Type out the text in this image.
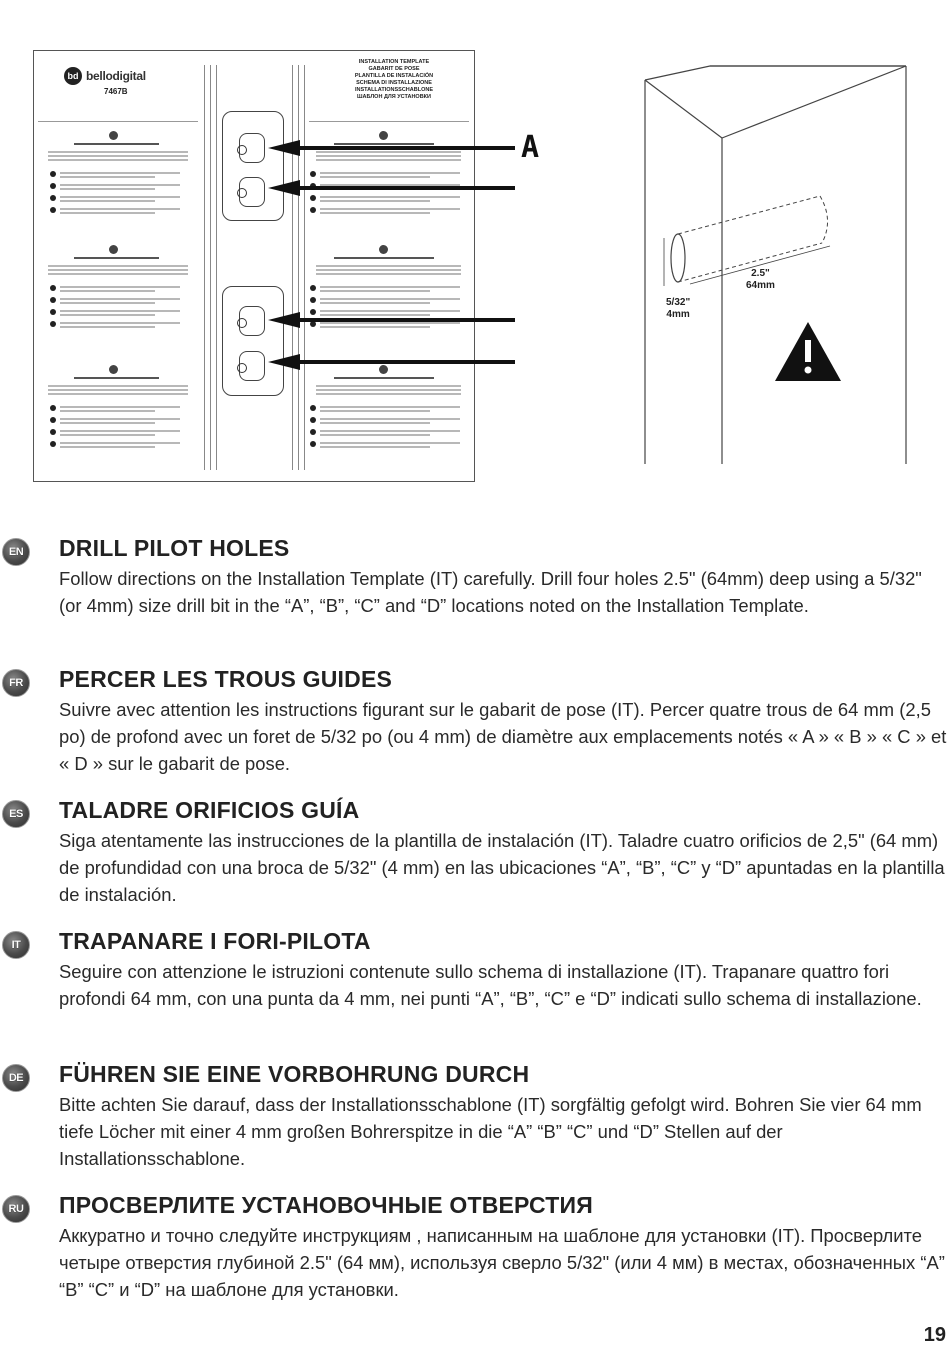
bd bellodigital
7467B
INSTALLATION TEMPLATE
GABARIT DE POSE
PLANTILLA DE INSTALACIÓN
SCHEMA DI INSTALLAZIONE
INSTALLATIONSSCHABLONE
ШАБЛОН ДЛЯ УСТАНОВКИ
A
2.5"
64mm
5/32"
4mm
EN DRILL PILOT HOLES

Follow directions on the Installation Template (IT) carefully. Drill four holes 2.5" (64mm) deep using a 5/32" (or 4mm) size drill bit in the “A”, “B”, “C” and “D” locations noted on the Installation Template.

FR PERCER LES TROUS GUIDES

Suivre avec attention les instructions figurant sur le gabarit de pose (IT). Percer quatre trous de 64 mm (2,5 po) de profond avec un foret de 5/32 po (ou 4 mm) de diamètre aux emplacements notés « A » « B » « C » et « D » sur le gabarit de pose.

ES TALADRE ORIFICIOS GUÍA

Siga atentamente las instrucciones de la plantilla de instalación (IT). Taladre cuatro orificios de 2,5" (64 mm) de profundidad con una broca de 5/32" (4 mm) en las ubicaciones “A”, “B”, “C” y “D” apuntadas en la plantilla de instalación.

IT TRAPANARE I FORI-PILOTA

Seguire con attenzione le istruzioni contenute sullo schema di installazione (IT). Trapanare quattro fori profondi 64 mm, con una punta da 4 mm, nei punti “A”, “B”, “C” e “D” indicati sullo schema di installazione.

DE FÜHREN SIE EINE VORBOHRUNG DURCH

Bitte achten Sie darauf, dass der Installationsschablone (IT) sorgfältig gefolgt wird. Bohren Sie vier 64 mm tiefe Löcher mit einer 4 mm großen Bohrerspitze in die “A” “B” “C” und “D” Stellen auf der Installationsschablone.

RU ПРОСВЕРЛИТЕ УСТАНОВОЧНЫЕ ОТВЕРСТИЯ

Аккуратно и точно следуйте инструкциям , написанным на шаблоне для установки (IT). Просверлите четыре отверстия глубиной 2.5" (64 мм), используя сверло 5/32" (или 4 мм) в местах, обозначенных “A” “B” “C” и “D” на шаблоне для установки.

19
